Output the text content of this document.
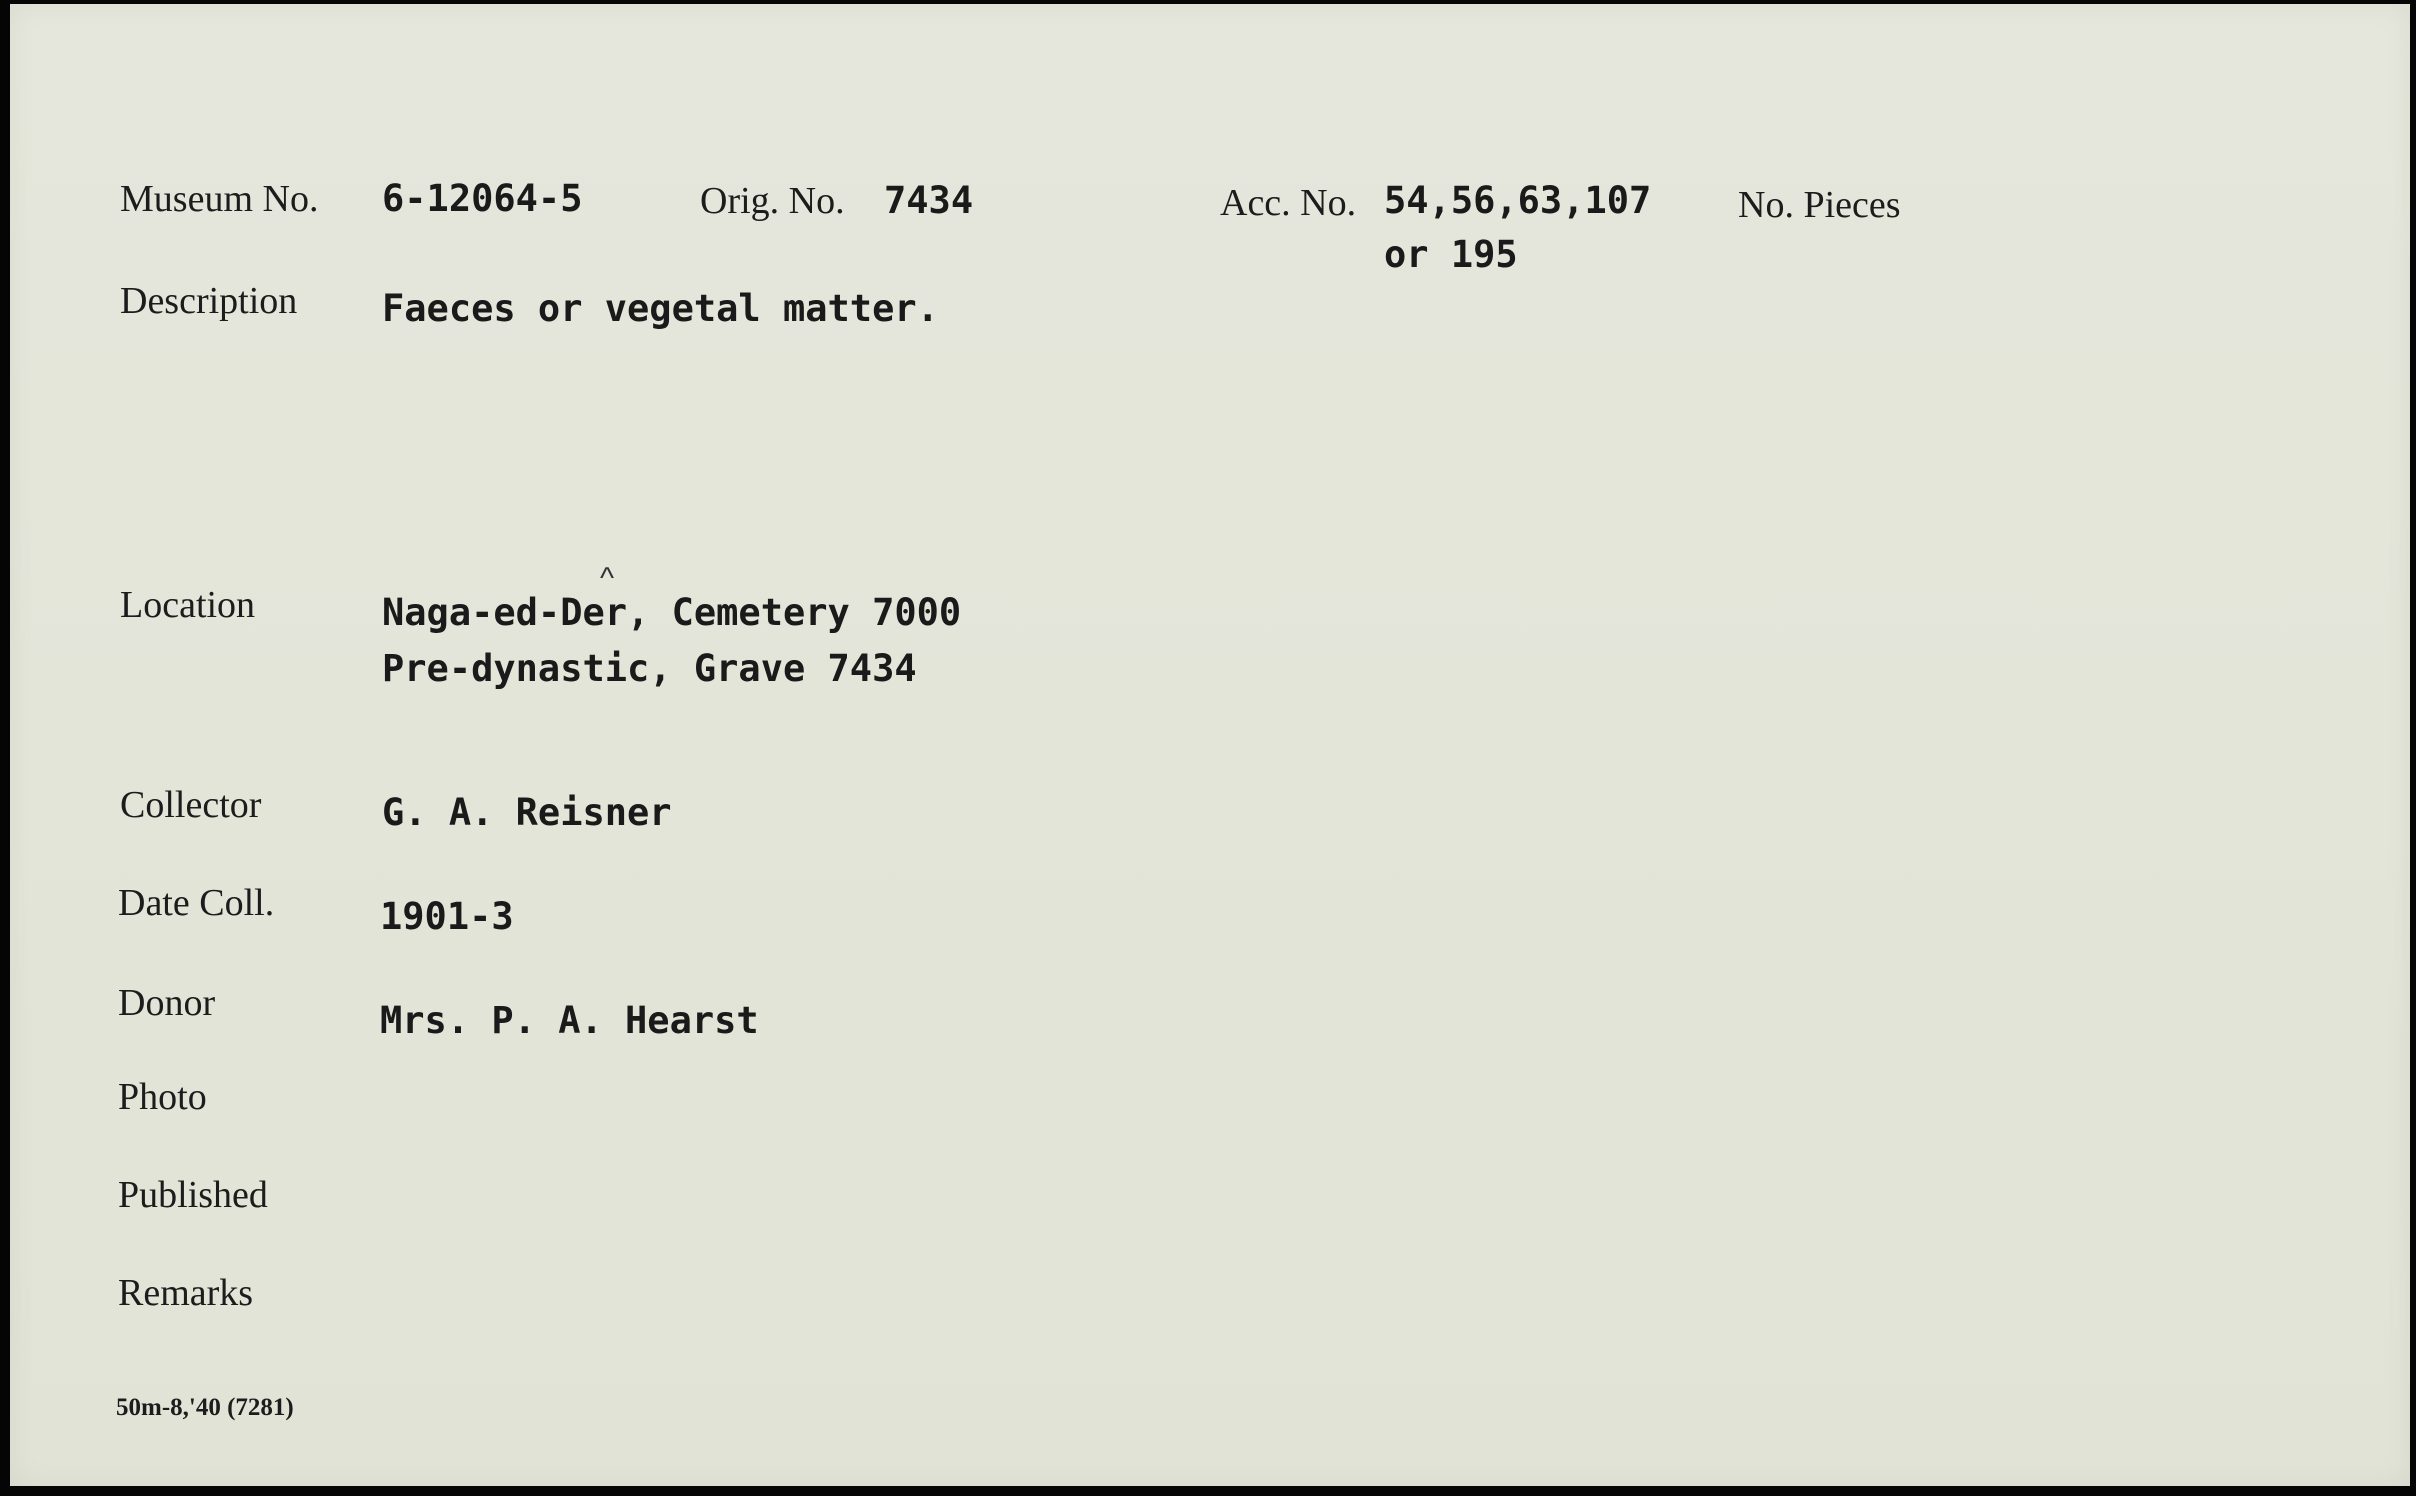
Museum No. 6-12064-5	Orig. No. 7434	Acc. No. 54,56,63,107
or 195
No. Pieces
Description Faeces or vegetal matter.
Location
^
Naga-ed-Der, Cemetery 7000
Pre-dynastic, Grave 7434
Collector	G. A. Reisner
Date Coll.	1901-3
Donor	Mrs. P. A. Hearst
Photo
Published
Remarks
50m-8,'40 (7281)
